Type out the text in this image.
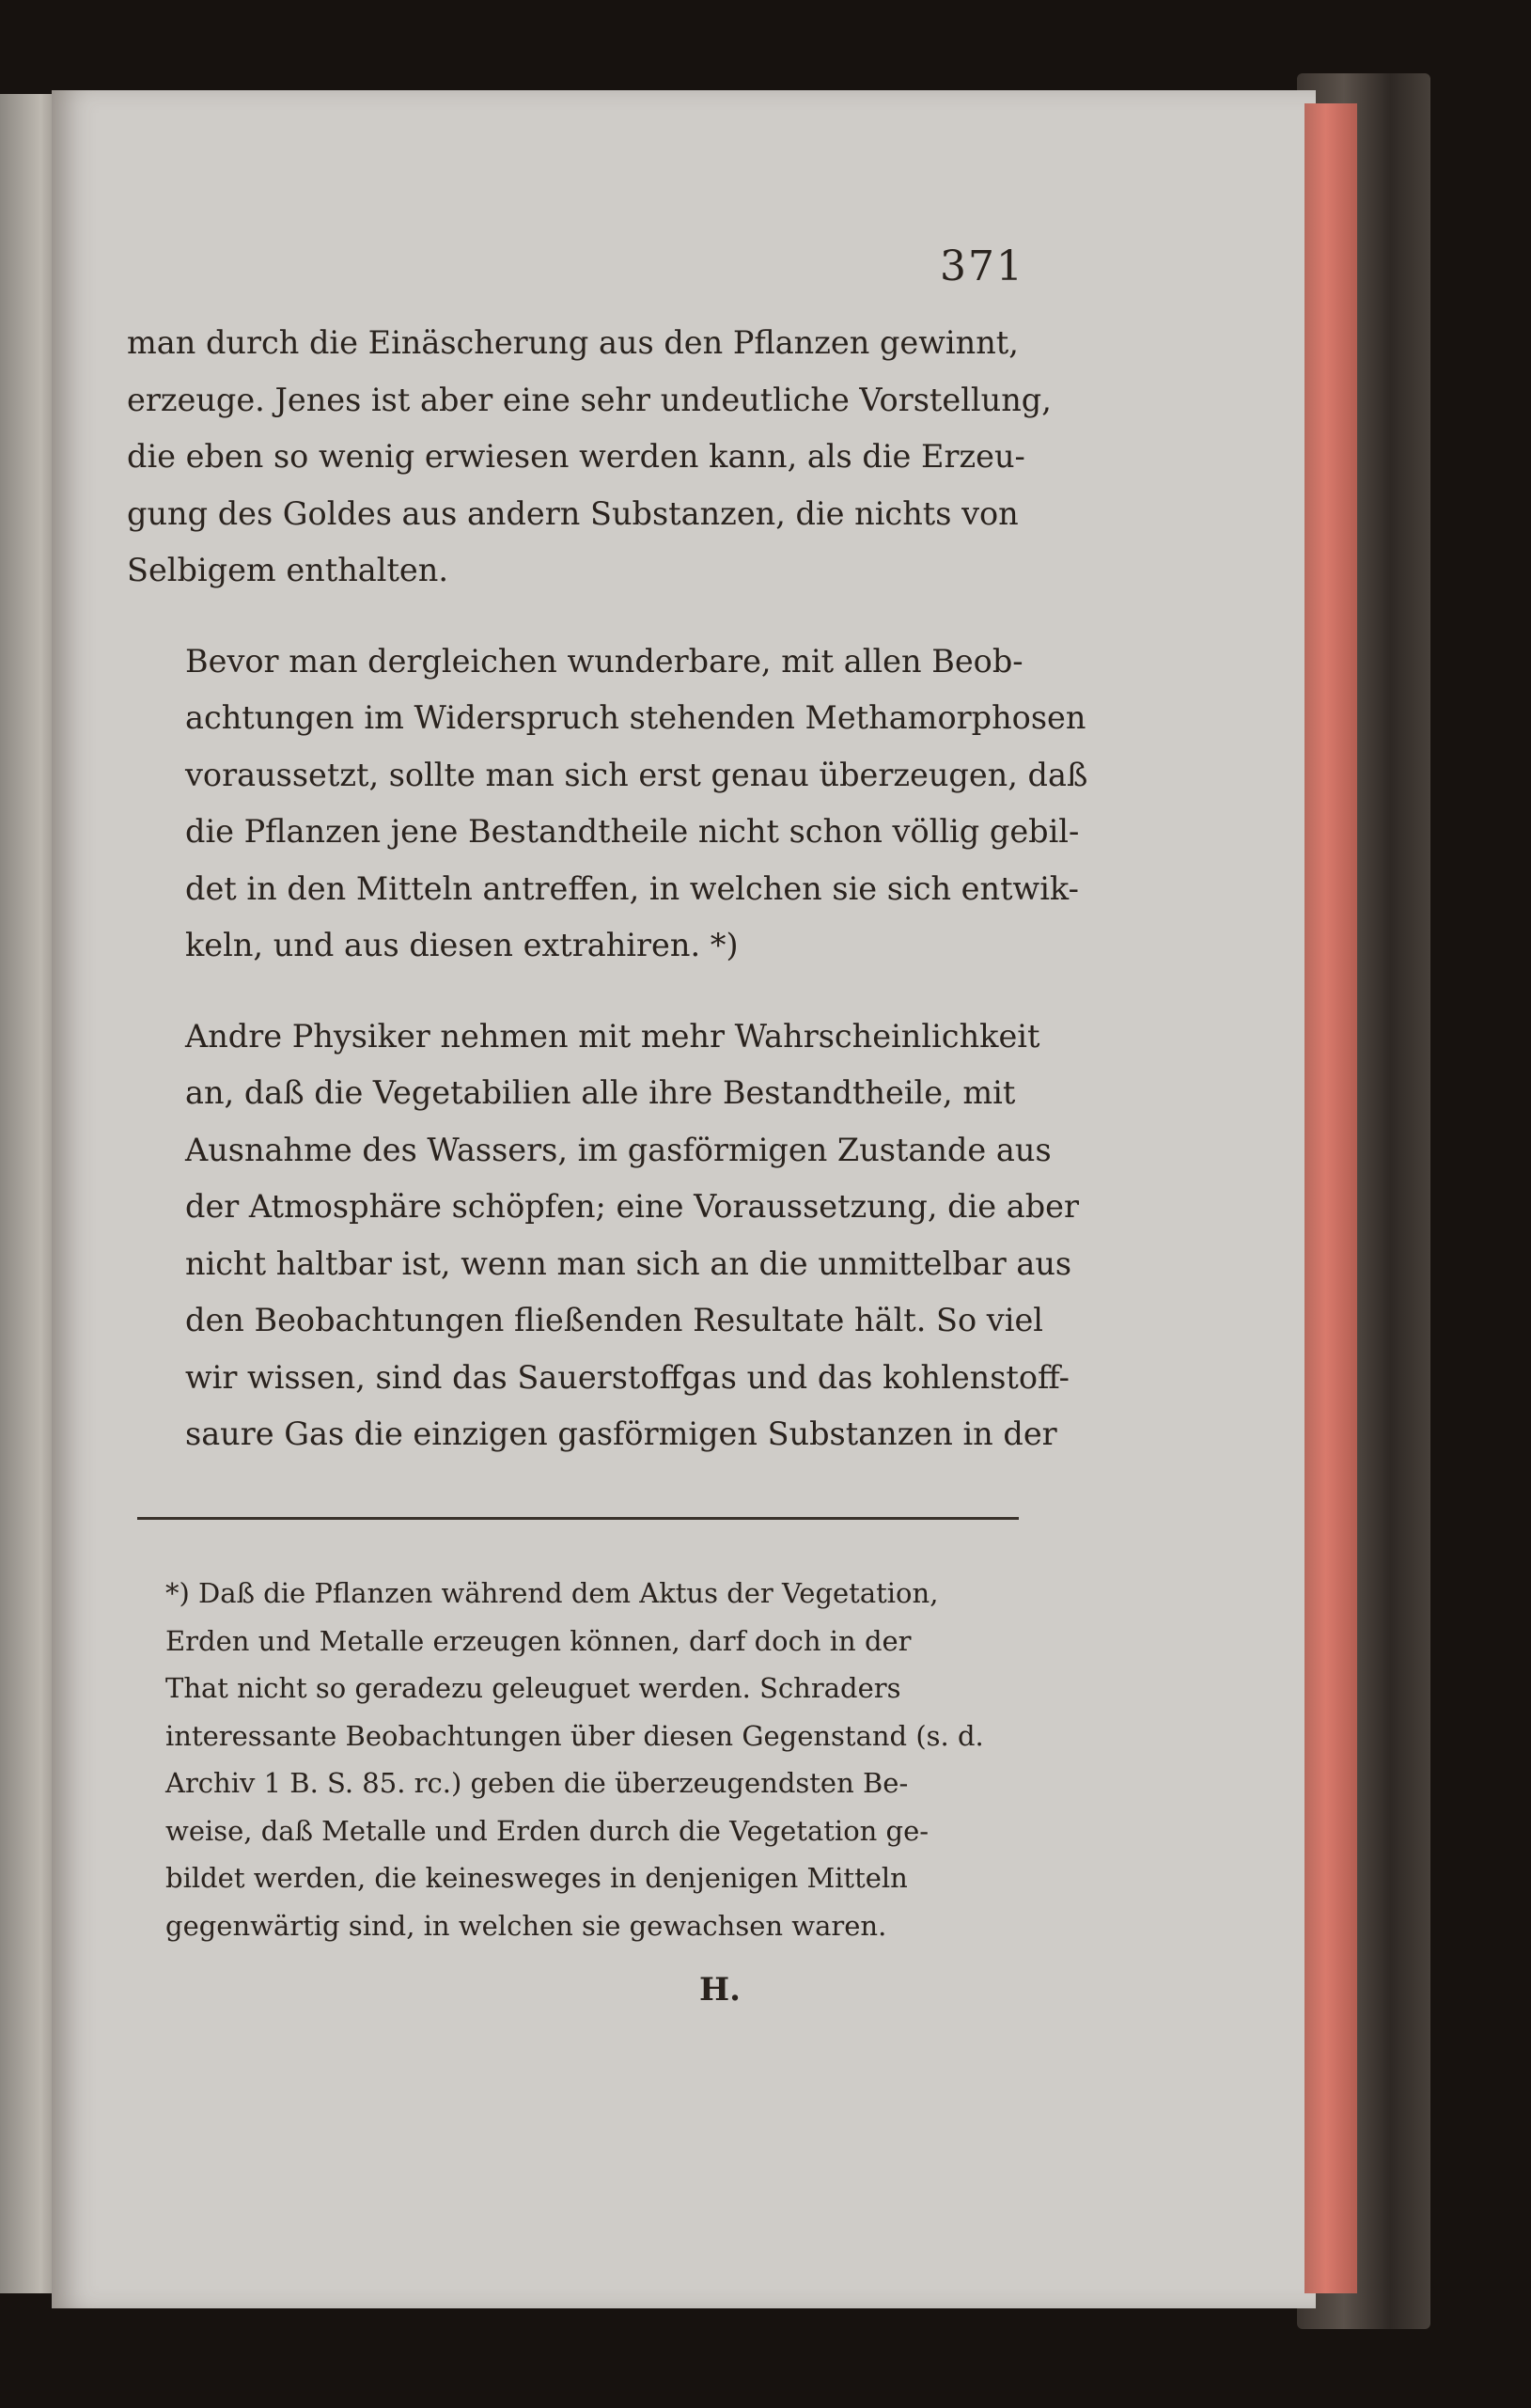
371
man durch die Einäscherung aus den Pflanzen gewinnt,
erzeuge. Jenes ist aber eine sehr undeutliche Vorstellung,
die eben so wenig erwiesen werden kann, als die Erzeu-
gung des Goldes aus andern Substanzen, die nichts von
Selbigem enthalten.
Bevor man dergleichen wunderbare, mit allen Beob-
achtungen im Widerspruch stehenden Methamorphosen
voraussetzt, sollte man sich erst genau überzeugen, daß
die Pflanzen jene Bestandtheile nicht schon völlig gebil-
det in den Mitteln antreffen, in welchen sie sich entwik-
keln, und aus diesen extrahiren. *)
Andre Physiker nehmen mit mehr Wahrscheinlichkeit
an, daß die Vegetabilien alle ihre Bestandtheile, mit
Ausnahme des Wassers, im gasförmigen Zustande aus
der Atmosphäre schöpfen; eine Voraussetzung, die aber
nicht haltbar ist, wenn man sich an die unmittelbar aus
den Beobachtungen fließenden Resultate hält. So viel
wir wissen, sind das Sauerstoffgas und das kohlenstoff-
saure Gas die einzigen gasförmigen Substanzen in der
*) Daß die Pflanzen während dem Aktus der Vegetation,
Erden und Metalle erzeugen können, darf doch in der
That nicht so geradezu geleuguet werden. Schraders
interessante Beobachtungen über diesen Gegenstand (s. d.
Archiv 1 B. S. 85. rc.) geben die überzeugendsten Be-
weise, daß Metalle und Erden durch die Vegetation ge-
bildet werden, die keinesweges in denjenigen Mitteln
gegenwärtig sind, in welchen sie gewachsen waren.
H.
